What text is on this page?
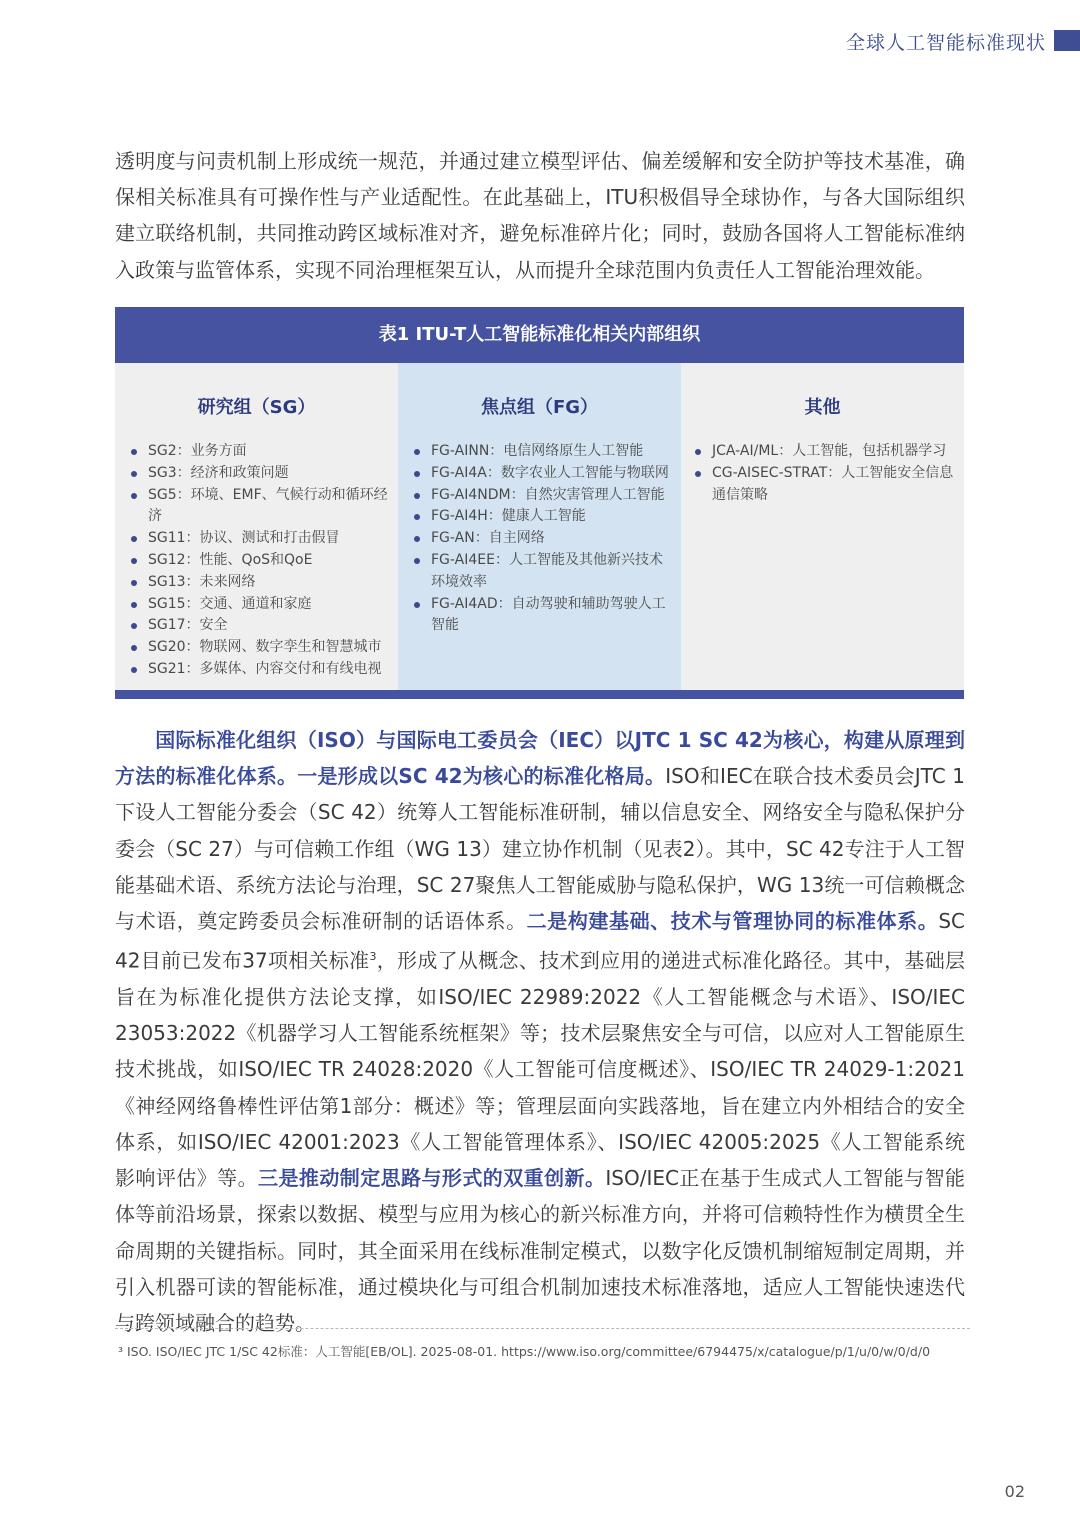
全球人工智能标准现状

透明度与问责机制上形成统一规范，并通过建立模型评估、偏差缓解和安全防护等技术基准，确保相关标准具有可操作性与产业适配性。在此基础上，ITU积极倡导全球协作，与各大国际组织建立联络机制，共同推动跨区域标准对齐，避免标准碎片化；同时，鼓励各国将人工智能标准纳入政策与监管体系，实现不同治理框架互认，从而提升全球范围内负责任人工智能治理效能。

表1 ITU-T人工智能标准化相关内部组织
研究组（SG）
SG2：业务方面
SG3：经济和政策问题
SG5：环境、EMF、气候行动和循环经济
SG11：协议、测试和打击假冒
SG12：性能、QoS和QoE
SG13：未来网络
SG15：交通、通道和家庭
SG17：安全
SG20：物联网、数字孪生和智慧城市
SG21：多媒体、内容交付和有线电视
焦点组（FG）
FG-AINN：电信网络原生人工智能
FG-AI4A：数字农业人工智能与物联网
FG-AI4NDM：自然灾害管理人工智能
FG-AI4H：健康人工智能
FG-AN：自主网络
FG-AI4EE：人工智能及其他新兴技术环境效率
FG-AI4AD：自动驾驶和辅助驾驶人工智能
其他
JCA-AI/ML：人工智能，包括机器学习
CG-AISEC-STRAT：人工智能安全信息通信策略

国际标准化组织（ISO）与国际电工委员会（IEC）以JTC 1 SC 42为核心，构建从原理到方法的标准化体系。一是形成以SC 42为核心的标准化格局。ISO和IEC在联合技术委员会JTC 1下设人工智能分委会（SC 42）统筹人工智能标准研制，辅以信息安全、网络安全与隐私保护分委会（SC 27）与可信赖工作组（WG 13）建立协作机制（见表2）。其中，SC 42专注于人工智能基础术语、系统方法论与治理，SC 27聚焦人工智能威胁与隐私保护，WG 13统一可信赖概念与术语，奠定跨委员会标准研制的话语体系。二是构建基础、技术与管理协同的标准体系。SC 42目前已发布37项相关标准$^3$，形成了从概念、技术到应用的递进式标准化路径。其中，基础层旨在为标准化提供方法论支撑，如ISO/IEC 22989:2022《人工智能概念与术语》、ISO/IEC 23053:2022《机器学习人工智能系统框架》等；技术层聚焦安全与可信，以应对人工智能原生技术挑战，如ISO/IEC TR 24028:2020《人工智能可信度概述》、ISO/IEC TR 24029-1:2021《神经网络鲁棒性评估第1部分：概述》等；管理层面向实践落地，旨在建立内外相结合的安全体系，如ISO/IEC 42001:2023《人工智能管理体系》、ISO/IEC 42005:2025《人工智能系统影响评估》等。三是推动制定思路与形式的双重创新。ISO/IEC正在基于生成式人工智能与智能体等前沿场景，探索以数据、模型与应用为核心的新兴标准方向，并将可信赖特性作为横贯全生命周期的关键指标。同时，其全面采用在线标准制定模式，以数字化反馈机制缩短制定周期，并引入机器可读的智能标准，通过模块化与可组合机制加速技术标准落地，适应人工智能快速迭代与跨领域融合的趋势。

³ ISO. ISO/IEC JTC 1/SC 42标准：人工智能[EB/OL]. 2025-08-01. https://www.iso.org/committee/6794475/x/catalogue/p/1/u/0/w/0/d/0
02
